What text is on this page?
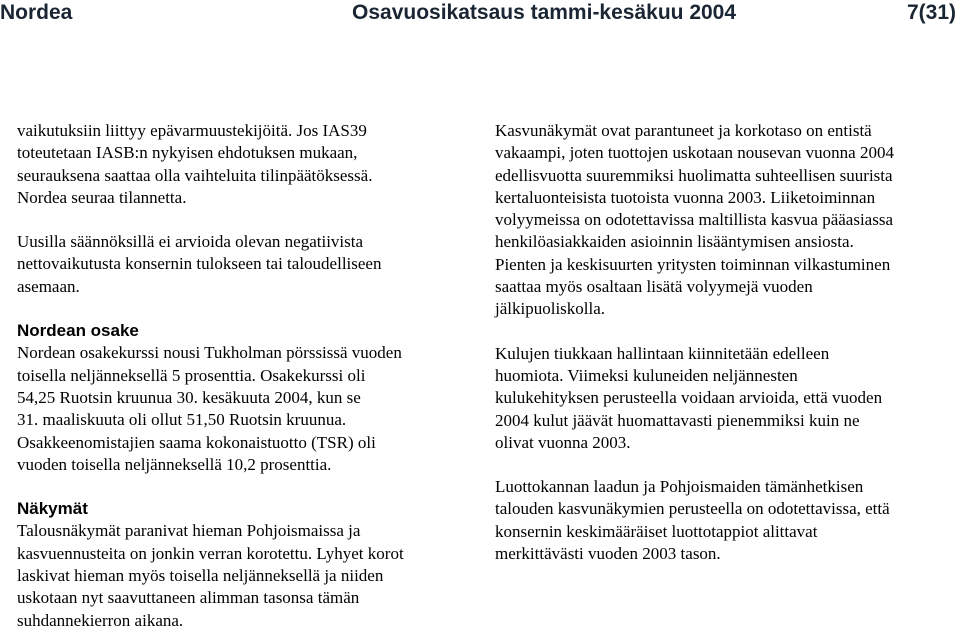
Nordea	Osavuosikatsaus tammi-kesäkuu 2004	7(31)

vaikutuksiin liittyy epävarmuustekijöitä. Jos IAS39
toteutetaan IASB:n nykyisen ehdotuksen mukaan,
seurauksena saattaa olla vaihteluita tilinpäätöksessä.
Nordea seuraa tilannetta.

Uusilla säännöksillä ei arvioida olevan negatiivista
nettovaikutusta konsernin tulokseen tai taloudelliseen
asemaan.

Nordean osake

Nordean osakekurssi nousi Tukholman pörssissä vuoden
toisella neljänneksellä 5 prosenttia. Osakekurssi oli
54,25 Ruotsin kruunua 30. kesäkuuta 2004, kun se
31. maaliskuuta oli ollut 51,50 Ruotsin kruunua.
Osakkeenomistajien saama kokonaistuotto (TSR) oli
vuoden toisella neljänneksellä 10,2 prosenttia.

Näkymät

Talousnäkymät paranivat hieman Pohjoismaissa ja
kasvuennusteita on jonkin verran korotettu. Lyhyet korot
laskivat hieman myös toisella neljänneksellä ja niiden
uskotaan nyt saavuttaneen alimman tasonsa tämän
suhdannekierron aikana.

Kasvunäkymät ovat parantuneet ja korkotaso on entistä
vakaampi, joten tuottojen uskotaan nousevan vuonna 2004
edellisvuotta suuremmiksi huolimatta suhteellisen suurista
kertaluonteisista tuotoista vuonna 2003. Liiketoiminnan
volyymeissa on odotettavissa maltillista kasvua pääasiassa
henkilöasiakkaiden asioinnin lisääntymisen ansiosta.
Pienten ja keskisuurten yritysten toiminnan vilkastuminen
saattaa myös osaltaan lisätä volyymejä vuoden
jälkipuoliskolla.

Kulujen tiukkaan hallintaan kiinnitetään edelleen
huomiota. Viimeksi kuluneiden neljännesten
kulukehityksen perusteella voidaan arvioida, että vuoden
2004 kulut jäävät huomattavasti pienemmiksi kuin ne
olivat vuonna 2003.

Luottokannan laadun ja Pohjoismaiden tämänhetkisen
talouden kasvunäkymien perusteella on odotettavissa, että
konsernin keskimääräiset luottotappiot alittavat
merkittävästi vuoden 2003 tason.
